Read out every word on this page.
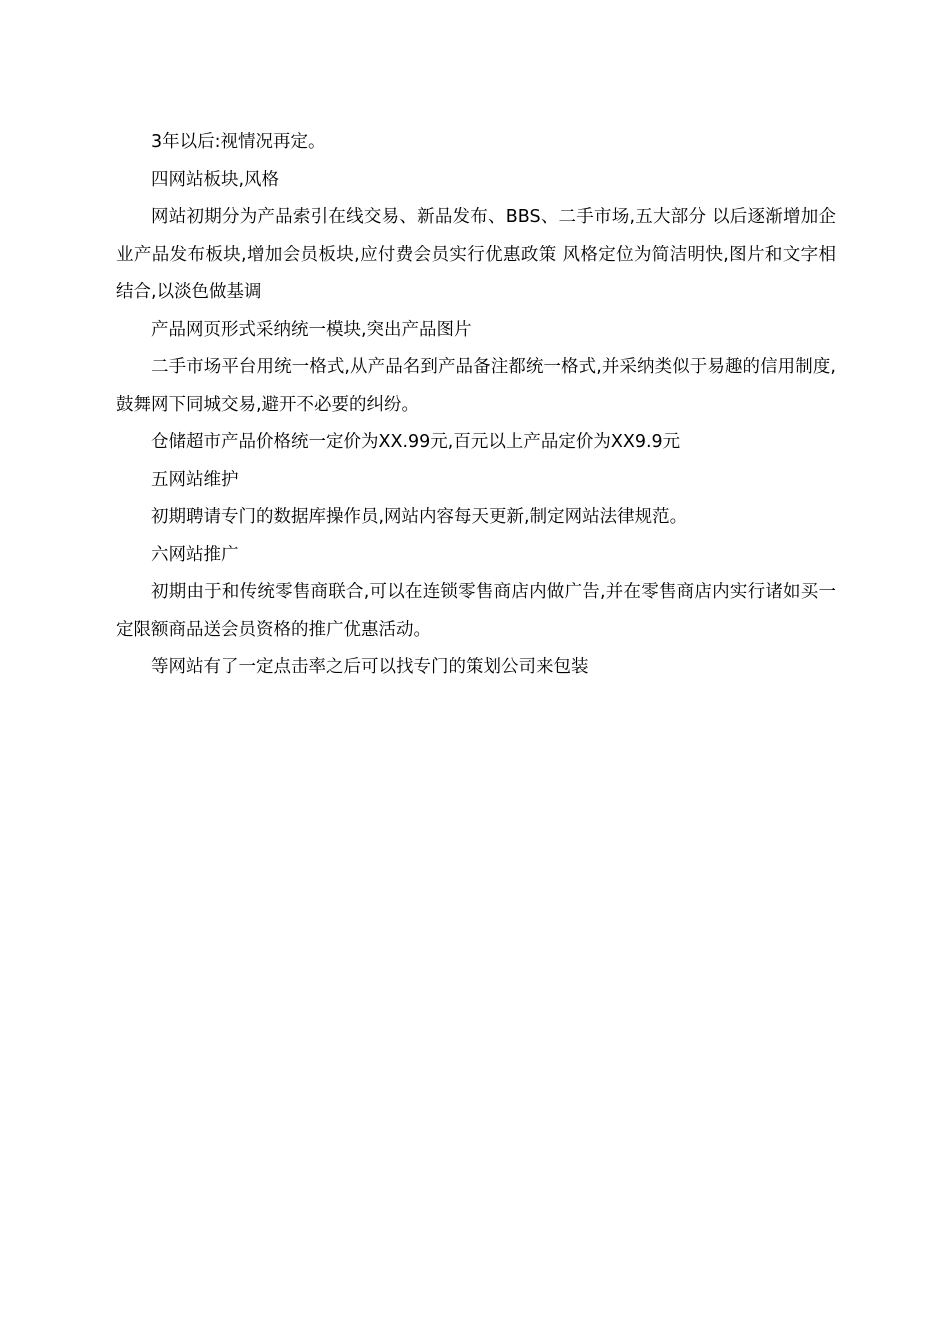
3年以后:视情况再定。

四网站板块,风格

网站初期分为产品索引在线交易、新品发布、BBS、二手市场,五大部分 以后逐渐增加企业产品发布板块,增加会员板块,应付费会员实行优惠政策 风格定位为简洁明快,图片和文字相结合,以淡色做基调

产品网页形式采纳统一模块,突出产品图片

二手市场平台用统一格式,从产品名到产品备注都统一格式,并采纳类似于易趣的信用制度,鼓舞网下同城交易,避开不必要的纠纷。

仓储超市产品价格统一定价为XX.99元,百元以上产品定价为XX9.9元

五网站维护

初期聘请专门的数据库操作员,网站内容每天更新,制定网站法律规范。

六网站推广

初期由于和传统零售商联合,可以在连锁零售商店内做广告,并在零售商店内实行诸如买一定限额商品送会员资格的推广优惠活动。

等网站有了一定点击率之后可以找专门的策划公司来包装
